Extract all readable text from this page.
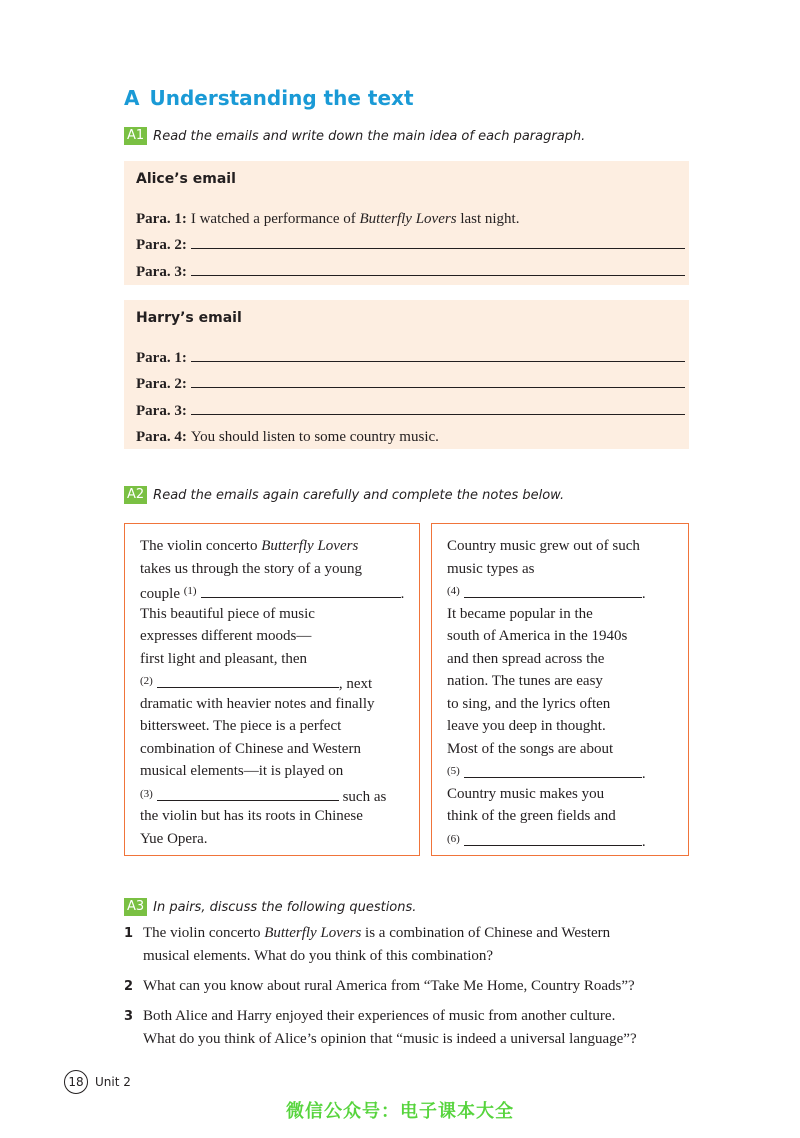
A Understanding the text
A1 Read the emails and write down the main idea of each paragraph.
Alice’s email
Para. 1: I watched a performance of Butterfly Lovers last night.
Para. 2:
Para. 3:
Harry’s email
Para. 1:
Para. 2:
Para. 3:
Para. 4: You should listen to some country music.
A2 Read the emails again carefully and complete the notes below.
The violin concerto Butterfly Lovers
takes us through the story of a young
couple $^{(1)}$	.
This beautiful piece of music
expresses different moods—
first light and pleasant, then
$^{(2)}$	, next
dramatic with heavier notes and finally
bittersweet. The piece is a perfect
combination of Chinese and Western
musical elements—it is played on
$^{(3)}$	such as
the violin but has its roots in Chinese
Yue Opera.
Country music grew out of such
music types as
$^{(4)}$	.
It became popular in the
south of America in the 1940s
and then spread across the
nation. The tunes are easy
to sing, and the lyrics often
leave you deep in thought.
Most of the songs are about
$^{(5)}$	.
Country music makes you
think of the green fields and
$^{(6)}$	.
A3 In pairs, discuss the following questions.
1 The violin concerto Butterfly Lovers is a combination of Chinese and Western
musical elements. What do you think of this combination?
2 What can you know about rural America from “Take Me Home, Country Roads”?
3 Both Alice and Harry enjoyed their experiences of music from another culture.
What do you think of Alice’s opinion that “music is indeed a universal language”?
18 Unit 2
微信公众号：电子课本大全
